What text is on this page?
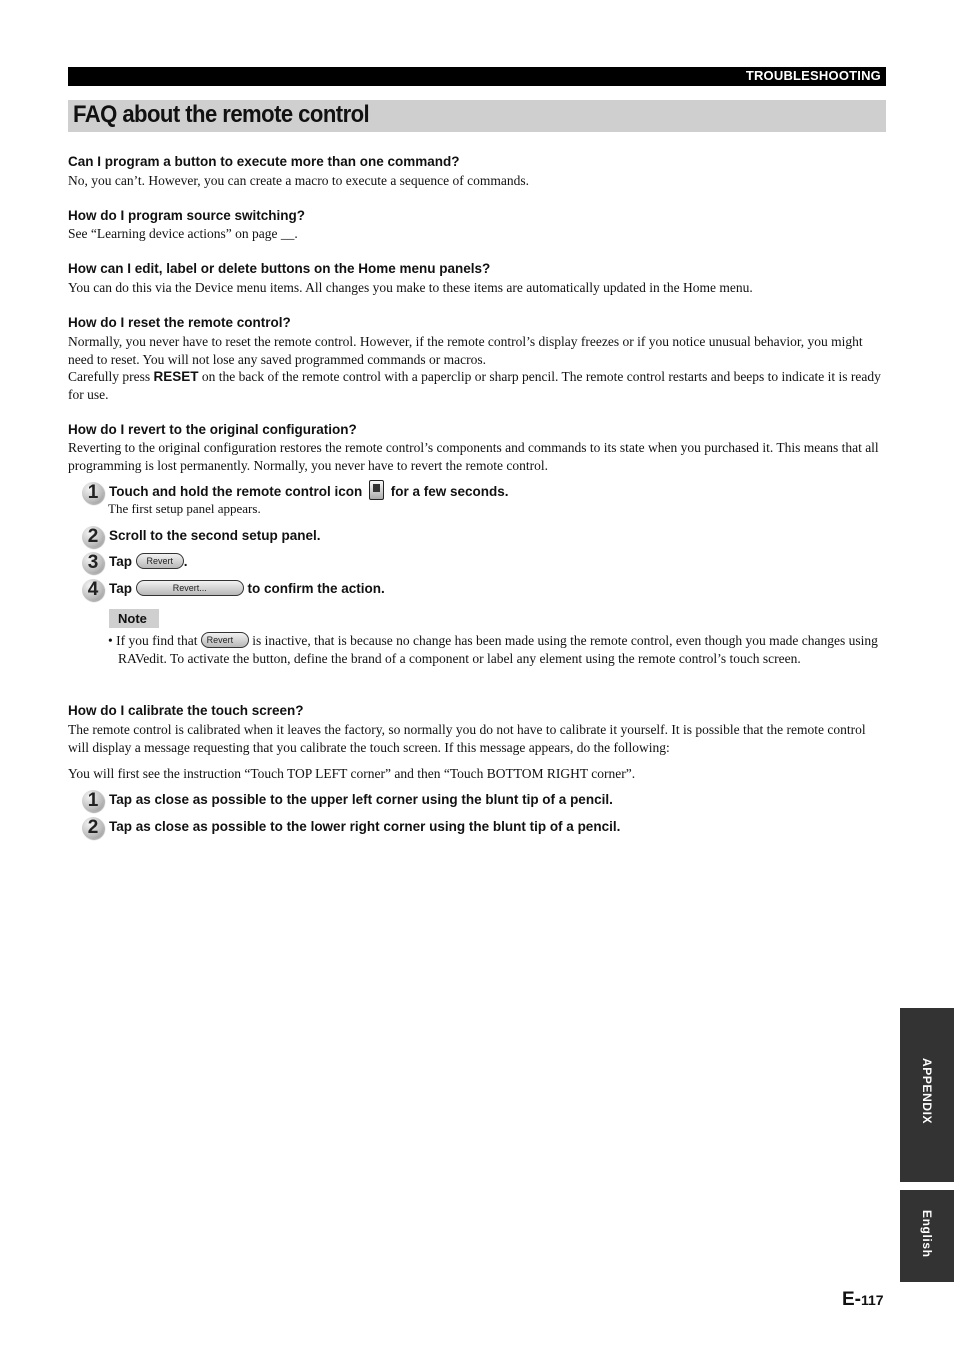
TROUBLESHOOTING
FAQ about the remote control
Can I program a button to execute more than one command?
No, you can’t. However, you can create a macro to execute a sequence of commands.
How do I program source switching?
See “Learning device actions” on page __.
How can I edit, label or delete buttons on the Home menu panels?
You can do this via the Device menu items. All changes you make to these items are automatically updated in the Home menu.
How do I reset the remote control?
Normally, you never have to reset the remote control. However, if the remote control’s display freezes or if you notice unusual behavior, you might need to reset. You will not lose any saved programmed commands or macros.
Carefully press RESET on the back of the remote control with a paperclip or sharp pencil. The remote control restarts and beeps to indicate it is ready for use.
How do I revert to the original configuration?
Reverting to the original configuration restores the remote control’s components and commands to its state when you purchased it. This means that all programming is lost permanently. Normally, you never have to revert the remote control.
1 Touch and hold the remote control icon  for a few seconds.
The first setup panel appears.
2 Scroll to the second setup panel.
3 Tap Revert .
4 Tap	Revert...	to confirm the action.
Note
• If you find that Revert is inactive, that is because no change has been made using the remote control, even though you made changes using RAVedit. To activate the button, define the brand of a component or label any element using the remote control’s touch screen.
How do I calibrate the touch screen?
The remote control is calibrated when it leaves the factory, so normally you do not have to calibrate it yourself. It is possible that the remote control will display a message requesting that you calibrate the touch screen. If this message appears, do the following:
You will first see the instruction “Touch TOP LEFT corner” and then “Touch BOTTOM RIGHT corner”.
1 Tap as close as possible to the upper left corner using the blunt tip of a pencil.
2 Tap as close as possible to the lower right corner using the blunt tip of a pencil.
APPENDIX
English
E-117
